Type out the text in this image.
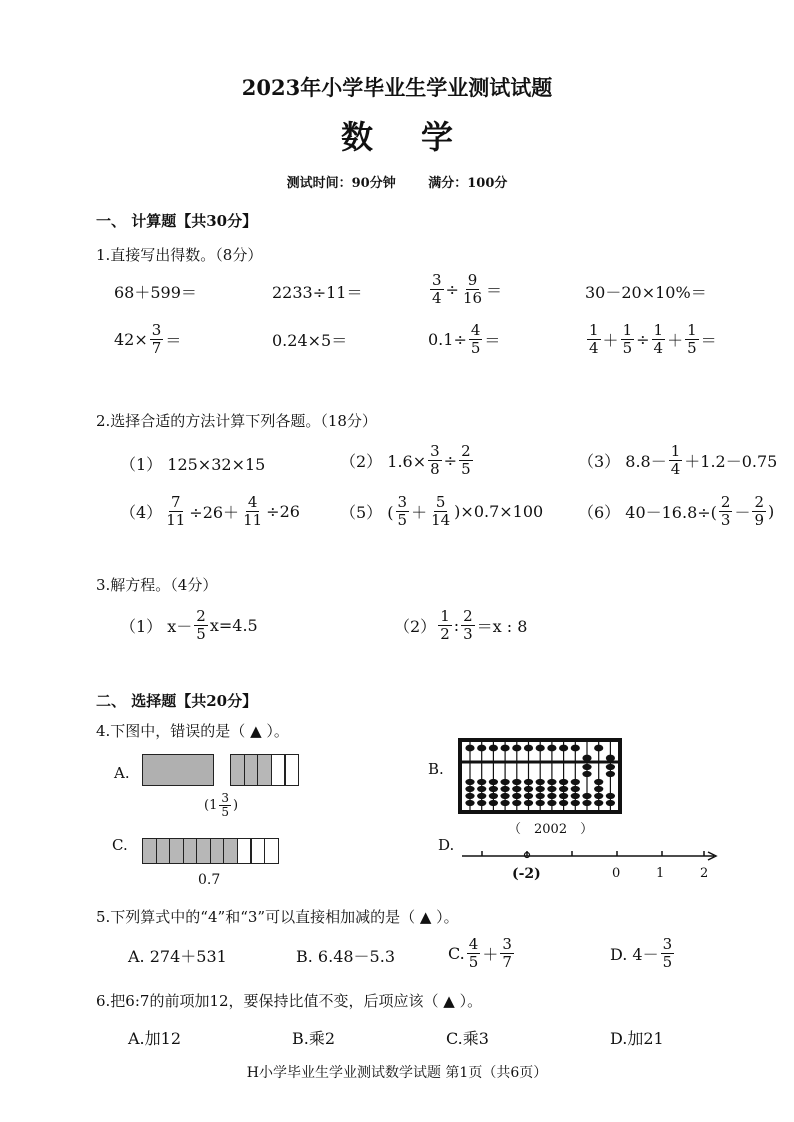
2023年小学毕业生学业测试试题
数学
测试时间：90分钟	满分：100分
一、 计算题【共30分】
1.直接写出得数。（8分）
68＋599＝	2233÷11＝	$\frac{3}{4} \div \frac{9}{16}$ ＝	30－20×10%＝
$42\times \frac{3}{7}$ ＝	0.24×5＝	$0.1\div \frac{4}{5}$ ＝	$\frac{1}{4} + \frac{1}{5} \div \frac{1}{4} + \frac{1}{5}$ ＝
2.选择合适的方法计算下列各题。（18分）
（1） 125×32×15	（2） $1.6\times \frac{3}{8} \div \frac{2}{5}$	（3） $8.8- \frac{1}{4} +1.2-0.75$
$(4) \frac{7}{11} \div 26+ \frac{4}{11} \div 26$	（5） ( $\frac{3}{5} + \frac{5}{14} )\times 0.7\times 100$ （6） $40-16.8\div( \frac{2}{3} - \frac{2}{9}$ )
3.解方程。（4分）
（1） $x- \frac{2}{5} x=4.5$	$(2) \frac{1}{2}$ : $\frac{2}{3} =x$ : 8
二、 选择题【共20分】
4.下图中，错误的是（ ▲ ）。
A.
($1 \frac{3}{5}$ )
B.
（　2002　）
C.
0.7
D.
(-2)	0	1	2
5.下列算式中的“4”和“3”可以直接相加减的是（ ▲ ）。
A. 274＋531	B. 6.48－5.3	C. $\frac{4}{5} + \frac{3}{7}$	D. $4- \frac{3}{5}$
6.把6:7的前项加12，要保持比值不变，后项应该（ ▲ ）。
A.加12	B.乘2	C.乘3	D.加21
H小学毕业生学业测试数学试题 第1页（共6页）
